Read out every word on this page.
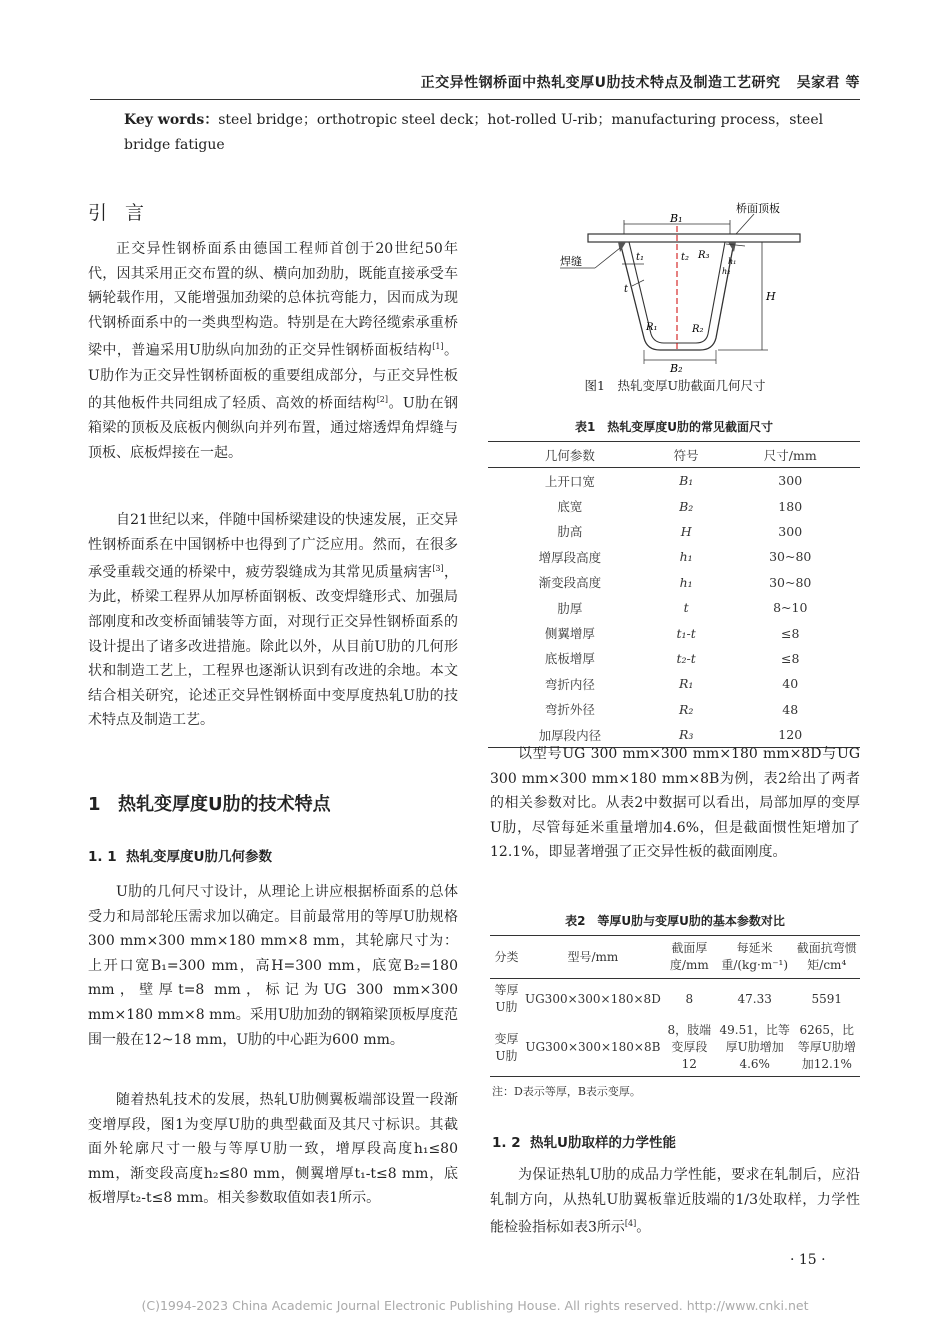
正交异性钢桥面中热轧变厚U肋技术特点及制造工艺研究 吴家君 等
Key words：steel bridge；orthotropic steel deck；hot-rolled U-rib；manufacturing process，steel bridge fatigue
引言
正交异性钢桥面系由德国工程师首创于20世纪50年代，因其采用正交布置的纵、横向加劲肋，既能直接承受车辆轮载作用，又能增强加劲梁的总体抗弯能力，因而成为现代钢桥面系中的一类典型构造。特别是在大跨径缆索承重桥梁中，普遍采用U肋纵向加劲的正交异性钢桥面板结构[1]。U肋作为正交异性钢桥面板的重要组成部分，与正交异性板的其他板件共同组成了轻质、高效的桥面结构[2]。U肋在钢箱梁的顶板及底板内侧纵向并列布置，通过熔透焊角焊缝与顶板、底板焊接在一起。
自21世纪以来，伴随中国桥梁建设的快速发展，正交异性钢桥面系在中国钢桥中也得到了广泛应用。然而，在很多承受重载交通的桥梁中，疲劳裂缝成为其常见质量病害[3]，为此，桥梁工程界从加厚桥面钢板、改变焊缝形式、加强局部刚度和改变桥面铺装等方面，对现行正交异性钢桥面系的设计提出了诸多改进措施。除此以外，从目前U肋的几何形状和制造工艺上，工程界也逐渐认识到有改进的余地。本文结合相关研究，论述正交异性钢桥面中变厚度热轧U肋的技术特点及制造工艺。
1 热轧变厚度U肋的技术特点
1. 1 热轧变厚度U肋几何参数
U肋的几何尺寸设计，从理论上讲应根据桥面系的总体受力和局部轮压需求加以确定。目前最常用的等厚U肋规格300 mm×300 mm×180 mm×8 mm，其轮廓尺寸为：上开口宽B₁=300 mm，高H=300 mm，底宽B₂=180 mm，壁厚t=8 mm，标记为UG 300 mm×300 mm×180 mm×8 mm。采用U肋加劲的钢箱梁顶板厚度范围一般在12~18 mm，U肋的中心距为600 mm。
随着热轧技术的发展，热轧U肋侧翼板端部设置一段渐变增厚段，图1为变厚U肋的典型截面及其尺寸标识。其截面外轮廓尺寸一般与等厚U肋一致，增厚段高度h₁≤80 mm，渐变段高度h₂≤80 mm，侧翼增厚t₁-t≤8 mm，底板增厚t₂-t≤8 mm。相关参数取值如表1所示。
B₁
桥面顶板
焊缝	t₁	t₂ R₃
h₁
h₂
H
t
R₁	R₂
B₂
图1　热轧变厚U肋截面几何尺寸
表1　热轧变厚度U肋的常见截面尺寸
几何参数	符号	尺寸/mm
上开口宽	B₁	300
底宽	B₂	180
肋高	H	300
增厚段高度	h₁	30~80
渐变段高度	h₁	30~80
肋厚	t	8~10
侧翼增厚	t₁-t	≤8
底板增厚	t₂-t	≤8
弯折内径	R₁	40
弯折外径	R₂	48
加厚段内径	R₃	120
以型号UG 300 mm×300 mm×180 mm×8D与UG 300 mm×300 mm×180 mm×8B为例，表2给出了两者的相关参数对比。从表2中数据可以看出，局部加厚的变厚U肋，尽管每延米重量增加4.6%，但是截面惯性矩增加了12.1%，即显著增强了正交异性板的截面刚度。
表2　等厚U肋与变厚U肋的基本参数对比
分类	型号/mm	截面厚度/mm	每延米重/(kg·m⁻¹)	截面抗弯惯矩/cm⁴
等厚U肋	UG300×300×180×8D	8	47.33	5591
变厚U肋	UG300×300×180×8B	8，肢端变厚段12	49.51，比等厚U肋增加4.6%	6265，比等厚U肋增加12.1%
注：D表示等厚，B表示变厚。
1. 2 热轧U肋取样的力学性能
为保证热轧U肋的成品力学性能，要求在轧制后，应沿轧制方向，从热轧U肋翼板靠近肢端的1/3处取样，力学性能检验指标如表3所示[4]。
· 15 ·
(C)1994-2023 China Academic Journal Electronic Publishing House. All rights reserved. http://www.cnki.net
